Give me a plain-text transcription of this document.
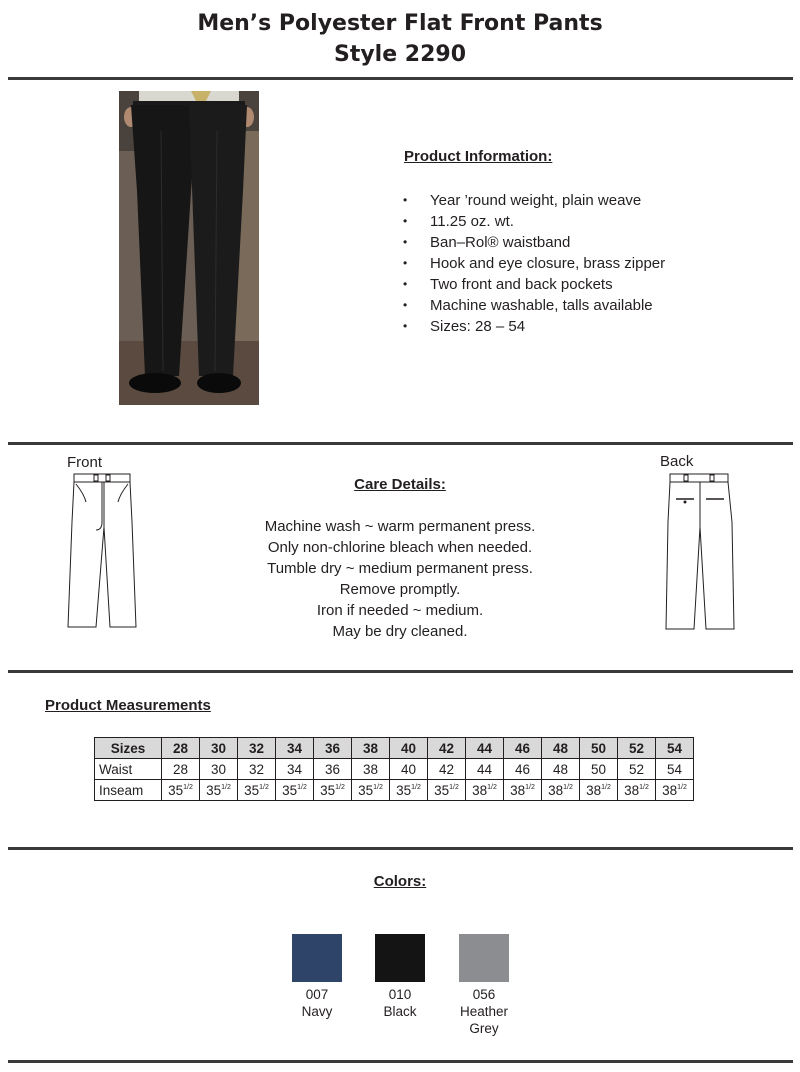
Men’s Polyester Flat Front Pants
Style 2290
Product Information:
• Year ’round weight, plain weave
• 11.25 oz. wt.
• Ban–Rol® waistband
• Hook and eye closure, brass zipper
• Two front and back pockets
• Machine washable, talls available
• Sizes: 28 – 54
Front
Care Details:
Machine wash ~ warm permanent press.
Only non-chlorine bleach when needed.
Tumble dry ~ medium permanent press.
Remove promptly.
Iron if needed ~ medium.
May be dry cleaned.
Back
Product Measurements
Sizes	28	30	32	34	36	38	40	42	44	46	48	50	52	54
Waist	28	30	32	34	36	38	40	42	44	46	48	50	52	54
Inseam	$35^{1/2}$	$35^{1/2}$	$35^{1/2}$	$35^{1/2}$	$35^{1/2}$	$35^{1/2}$	$35^{1/2}$	$35^{1/2}$	$38^{1/2}$	$38^{1/2}$	$38^{1/2}$	$38^{1/2}$	$38^{1/2}$	$38^{1/2}$
Colors:
007
Navy
010
Black
056
Heather Grey
